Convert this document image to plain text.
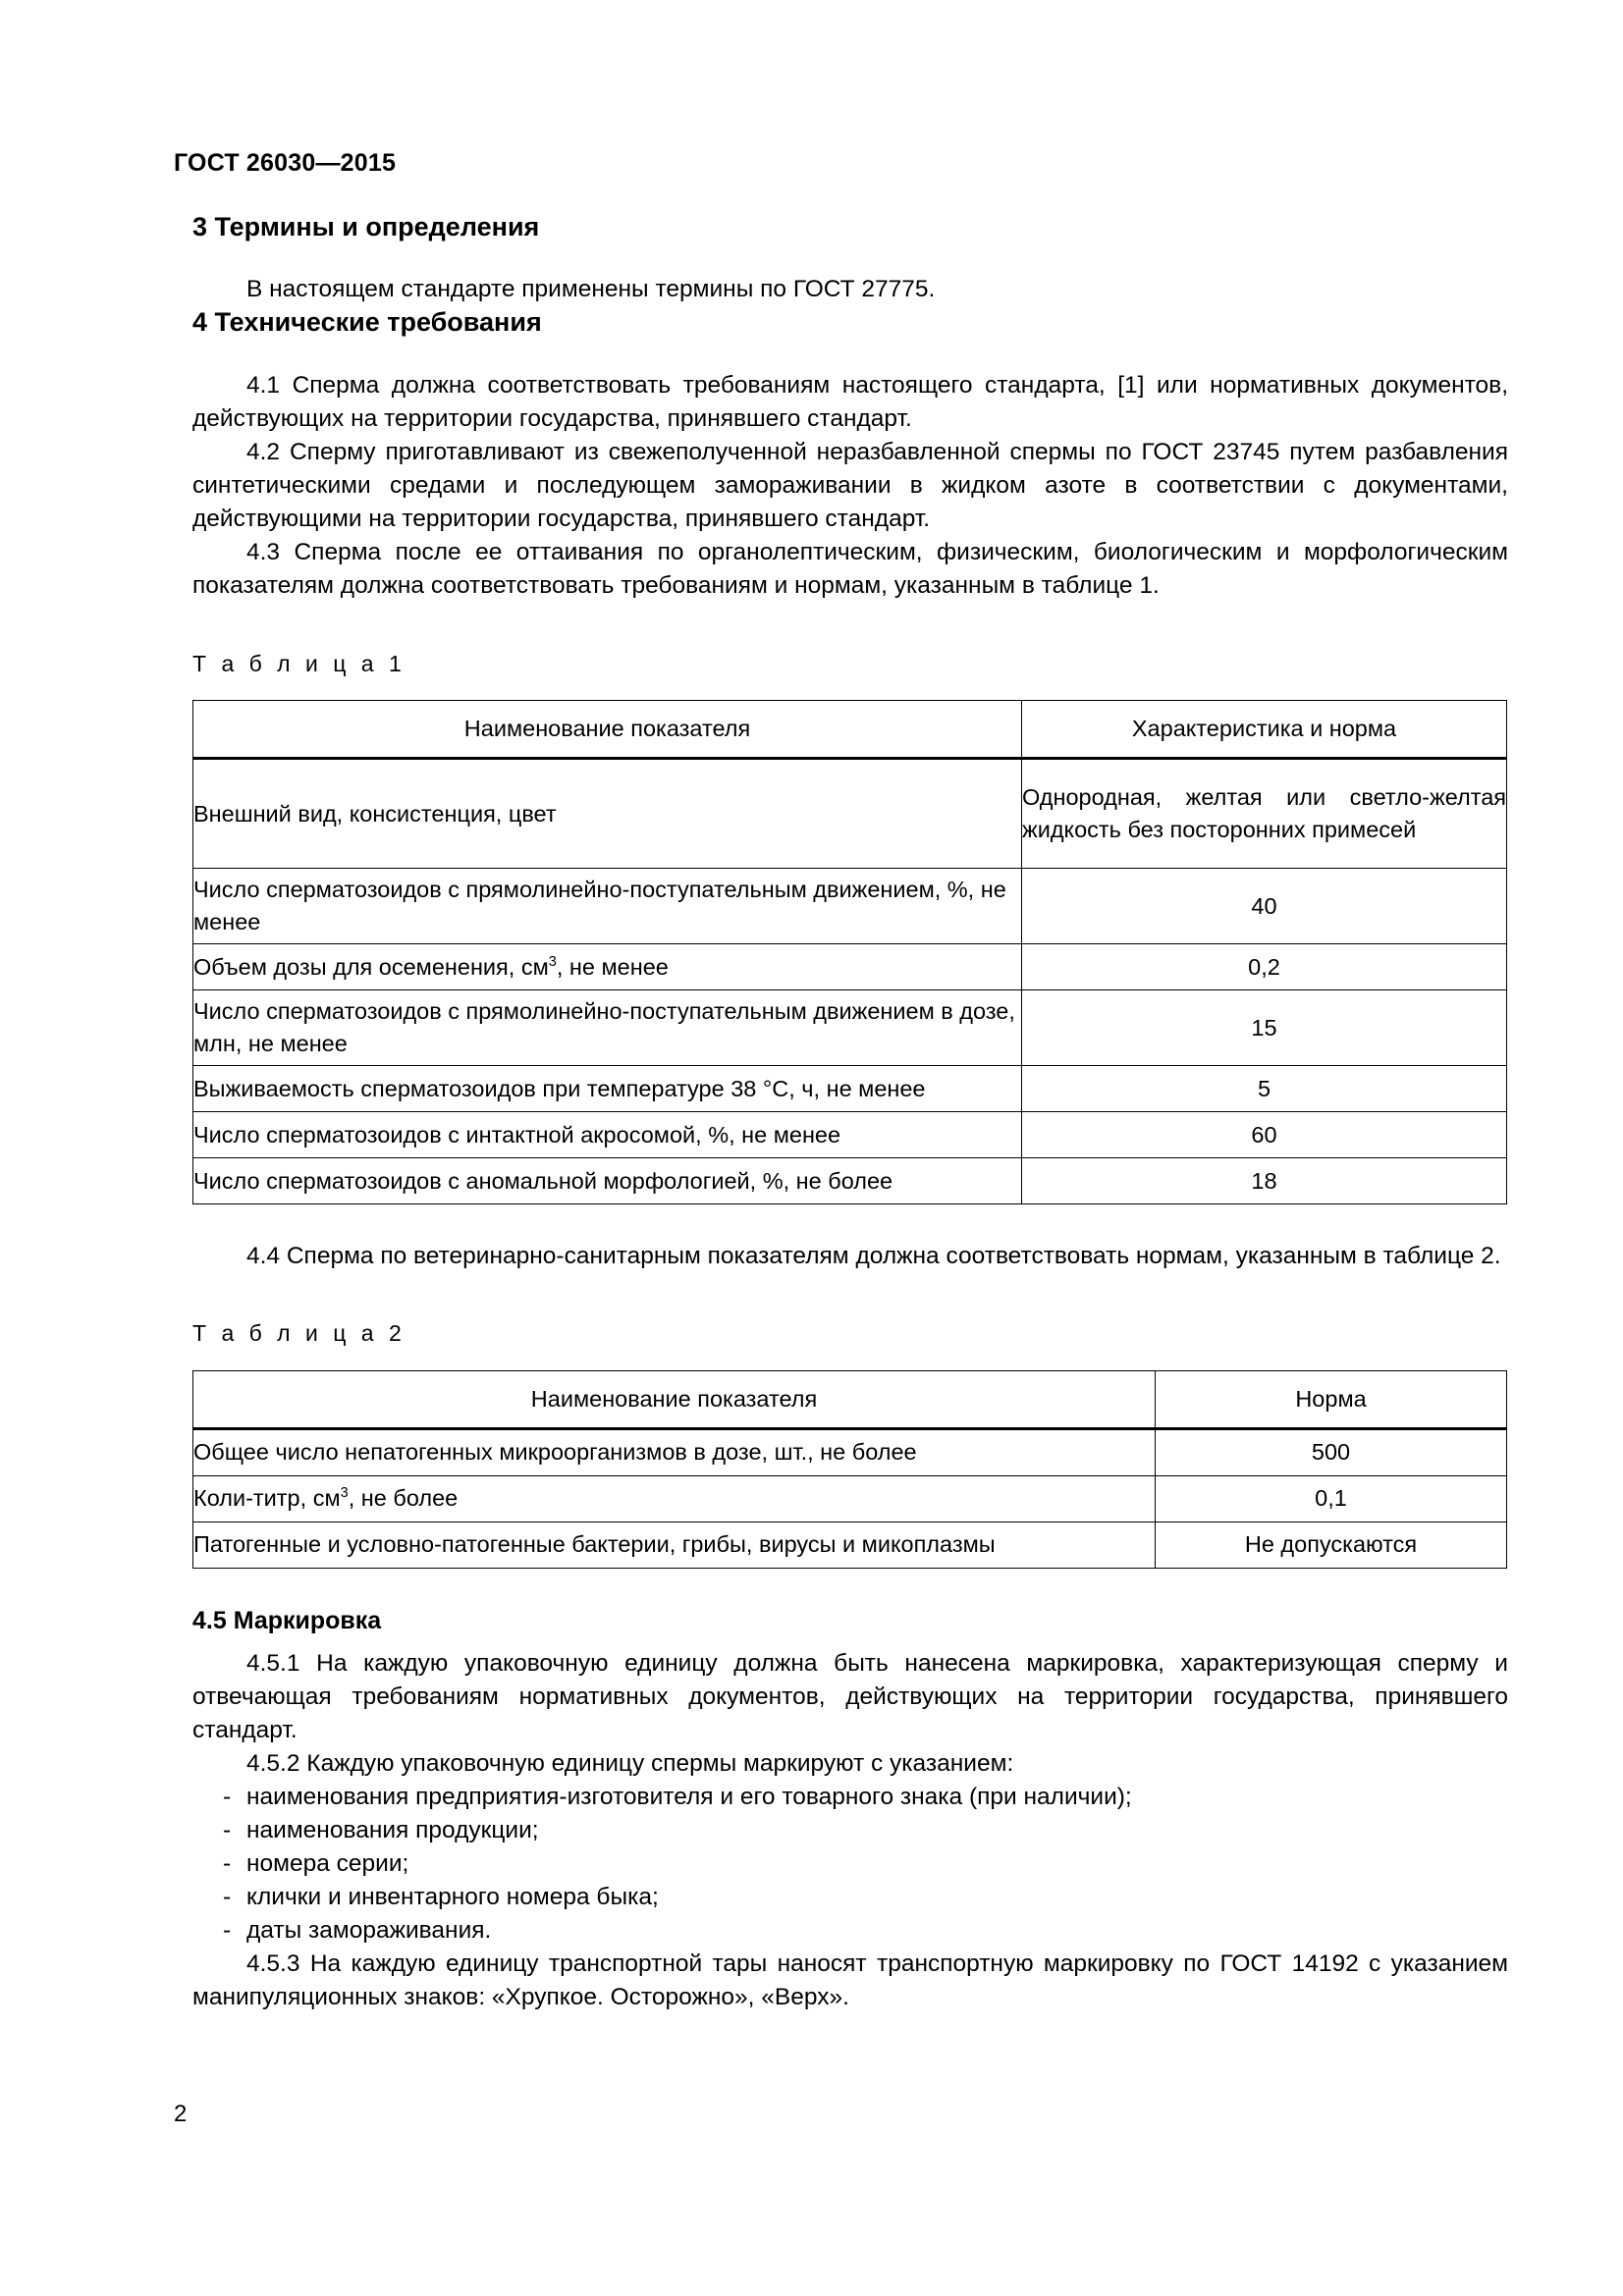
ГОСТ 26030—2015
3 Термины и определения

В настоящем стандарте применены термины по ГОСТ 27775.

4 Технические требования

4.1 Сперма должна соответствовать требованиям настоящего стандарта, [1] или нормативных документов, действующих на территории государства, принявшего стандарт.

4.2 Сперму приготавливают из свежеполученной неразбавленной спермы по ГОСТ 23745 путем разбавления синтетическими средами и последующем замораживании в жидком азоте в соответствии с документами, действующими на территории государства, принявшего стандарт.

4.3 Сперма после ее оттаивания по органолептическим, физическим, биологическим и морфологическим показателям должна соответствовать требованиям и нормам, указанным в таблице 1.

Т а б л и ц а 1

Наименование показателя	Характеристика и норма
Внешний вид, консистенция, цвет	Однородная, желтая или светло-желтая жидкость без посторонних примесей
Число сперматозоидов с прямолинейно-поступательным движением, %, не менее	40
Объем дозы для осеменения, $см^3$, не менее	0,2
Число сперматозоидов с прямолинейно-поступательным движением в дозе, млн, не менее	15
Выживаемость сперматозоидов при температуре 38 °С, ч, не менее	5
Число сперматозоидов с интактной акросомой, %, не менее	60
Число сперматозоидов с аномальной морфологией, %, не более	18

4.4 Сперма по ветеринарно-санитарным показателям должна соответствовать нормам, указанным в таблице 2.

Т а б л и ц а 2

Наименование показателя	Норма
Общее число непатогенных микроорганизмов в дозе, шт., не более	500
Коли-титр, $см^3$, не более	0,1
Патогенные и условно-патогенные бактерии, грибы, вирусы и микоплазмы	Не допускаются
4.5 Маркировка

4.5.1 На каждую упаковочную единицу должна быть нанесена маркировка, характеризующая сперму и отвечающая требованиям нормативных документов, действующих на территории государства, принявшего стандарт.

4.5.2 Каждую упаковочную единицу спермы маркируют с указанием:

- наименования предприятия-изготовителя и его товарного знака (при наличии);
- наименования продукции;
- номера серии;
- клички и инвентарного номера быка;
- даты замораживания.

4.5.3 На каждую единицу транспортной тары наносят транспортную маркировку по ГОСТ 14192 с указанием манипуляционных знаков: «Хрупкое. Осторожно», «Верх».

2
